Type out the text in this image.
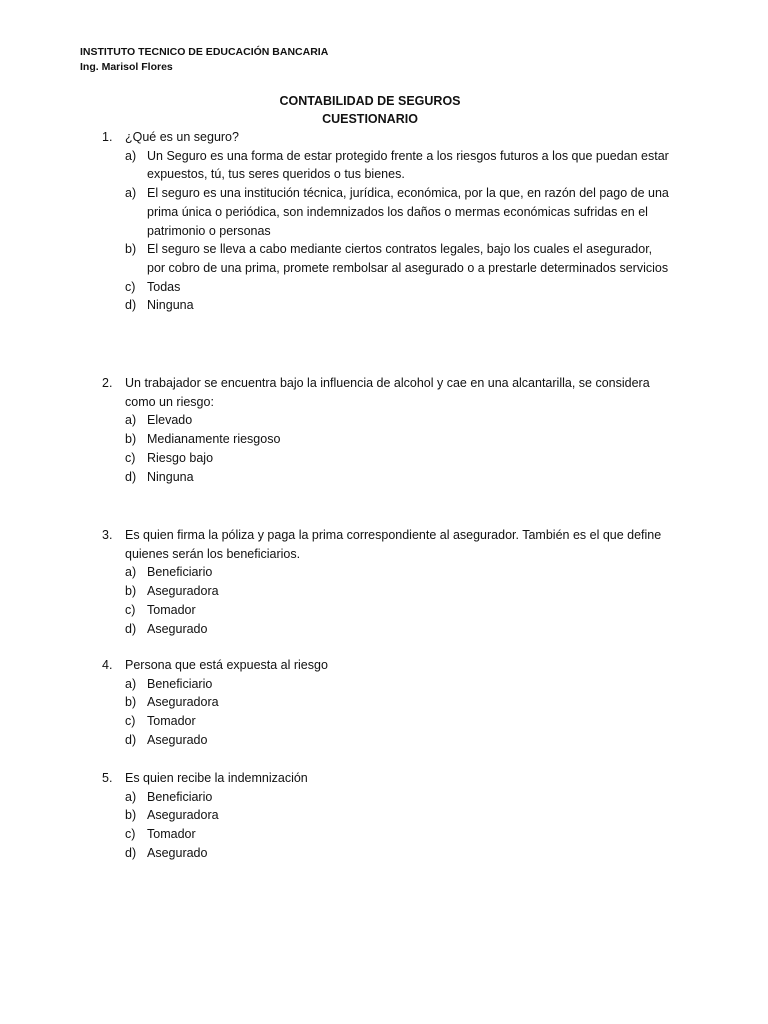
INSTITUTO TECNICO DE EDUCACIÓN BANCARIA
Ing. Marisol Flores
CONTABILIDAD DE SEGUROS
CUESTIONARIO
1.	¿Qué es un seguro?
a) Un Seguro es una forma de estar protegido frente a los riesgos futuros a los que puedan estar expuestos, tú, tus seres queridos o tus bienes.
a) El seguro es una institución técnica, jurídica, económica, por la que, en razón del pago de una prima única o periódica, son indemnizados los daños o mermas económicas sufridas en el patrimonio o personas
b) El seguro se lleva a cabo mediante ciertos contratos legales, bajo los cuales el asegurador, por cobro de una prima, promete rembolsar al asegurado o a prestarle determinados servicios
c) Todas
d) Ninguna
2.	Un trabajador se encuentra bajo la influencia de alcohol y cae en una alcantarilla, se considera como un riesgo:
a) Elevado
b) Medianamente riesgoso
c) Riesgo bajo
d) Ninguna
3.	Es quien firma la póliza y paga la prima correspondiente al asegurador. También es el que define quienes serán los beneficiarios.
a) Beneficiario
b) Aseguradora
c) Tomador
d) Asegurado
4.	Persona que está expuesta al riesgo
a) Beneficiario
b) Aseguradora
c) Tomador
d) Asegurado
5.	Es quien recibe la indemnización
a) Beneficiario
b) Aseguradora
c) Tomador
d) Asegurado
